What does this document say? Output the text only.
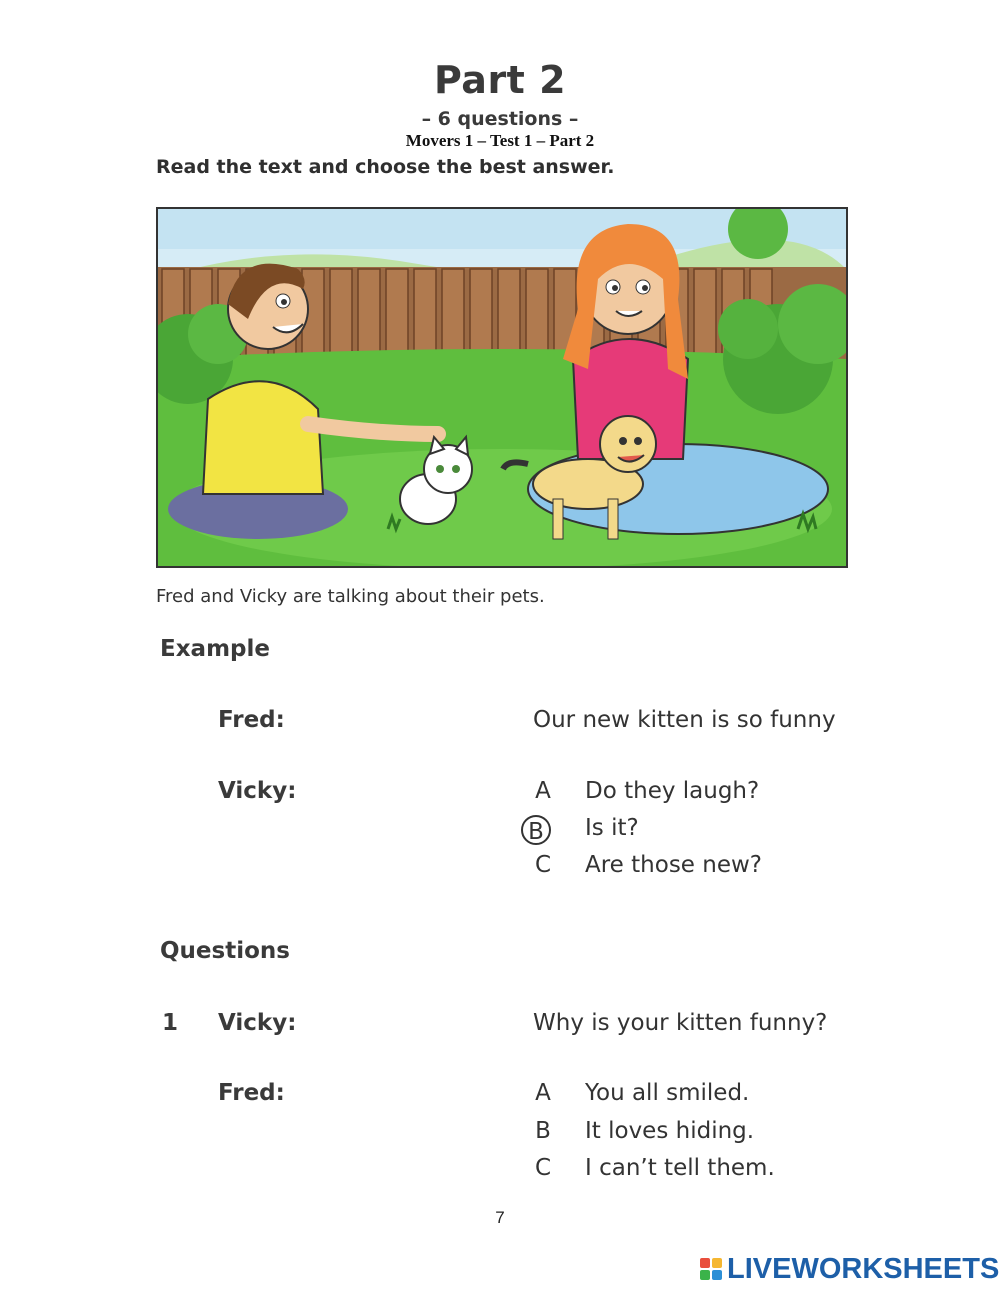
Part 2
– 6 questions –
Movers 1 – Test 1 – Part 2
Read the text and choose the best answer.
Fred and Vicky are talking about their pets.
Example
Fred:	Our new kitten is so funny
Vicky:	A Do they laugh?
B	Is it?
C Are those new?
Questions
1 Vicky:	Why is your kitten funny?
Fred:	A You all smiled.
B It loves hiding.
C I can’t tell them.
7
LIVEWORKSHEETS
